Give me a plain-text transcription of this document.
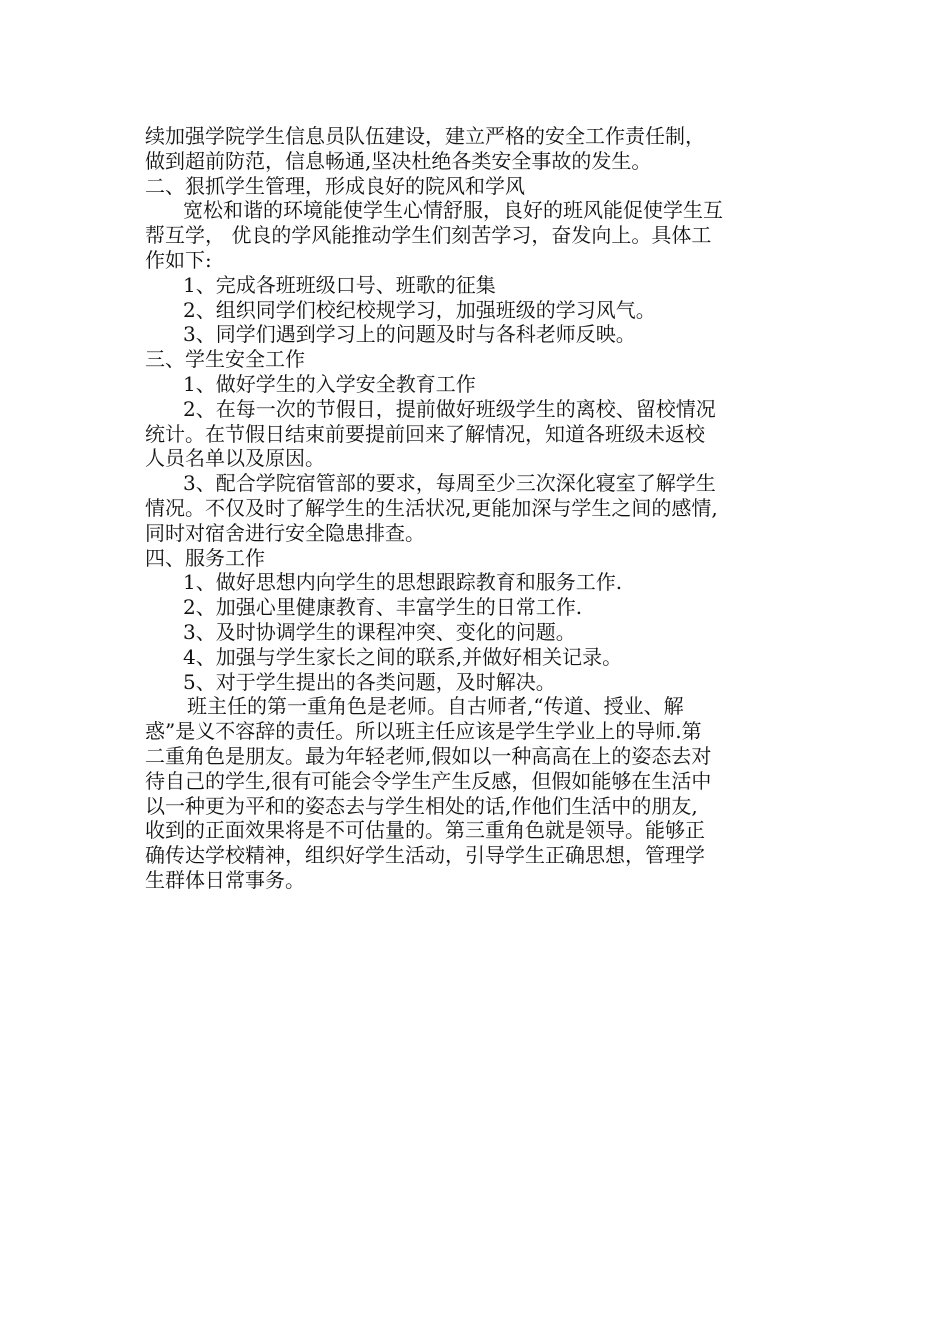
续加强学院学生信息员队伍建设，建立严格的安全工作责任制，
做到超前防范，信息畅通,坚决杜绝各类安全事故的发生。
二、狠抓学生管理，形成良好的院风和学风
宽松和谐的环境能使学生心情舒服，良好的班风能促使学生互
帮互学， 优良的学风能推动学生们刻苦学习，奋发向上。具体工
作如下:
1、完成各班班级口号、班歌的征集
2、组织同学们校纪校规学习，加强班级的学习风气。
3、同学们遇到学习上的问题及时与各科老师反映。
三、学生安全工作
1、做好学生的入学安全教育工作
2、在每一次的节假日，提前做好班级学生的离校、留校情况
统计。在节假日结束前要提前回来了解情况，知道各班级未返校
人员名单以及原因。
3、配合学院宿管部的要求，每周至少三次深化寝室了解学生
情况。不仅及时了解学生的生活状况,更能加深与学生之间的感情,
同时对宿舍进行安全隐患排查。
四、服务工作
1、做好思想内向学生的思想跟踪教育和服务工作.
2、加强心里健康教育、丰富学生的日常工作.
3、及时协调学生的课程冲突、变化的问题。
4、加强与学生家长之间的联系,并做好相关记录。
5、对于学生提出的各类问题，及时解决。
班主任的第一重角色是老师。自古师者,“传道、授业、解
惑”是义不容辞的责任。所以班主任应该是学生学业上的导师.第
二重角色是朋友。最为年轻老师,假如以一种高高在上的姿态去对
待自己的学生,很有可能会令学生产生反感，但假如能够在生活中
以一种更为平和的姿态去与学生相处的话,作他们生活中的朋友,
收到的正面效果将是不可估量的。第三重角色就是领导。能够正
确传达学校精神，组织好学生活动，引导学生正确思想，管理学
生群体日常事务。
